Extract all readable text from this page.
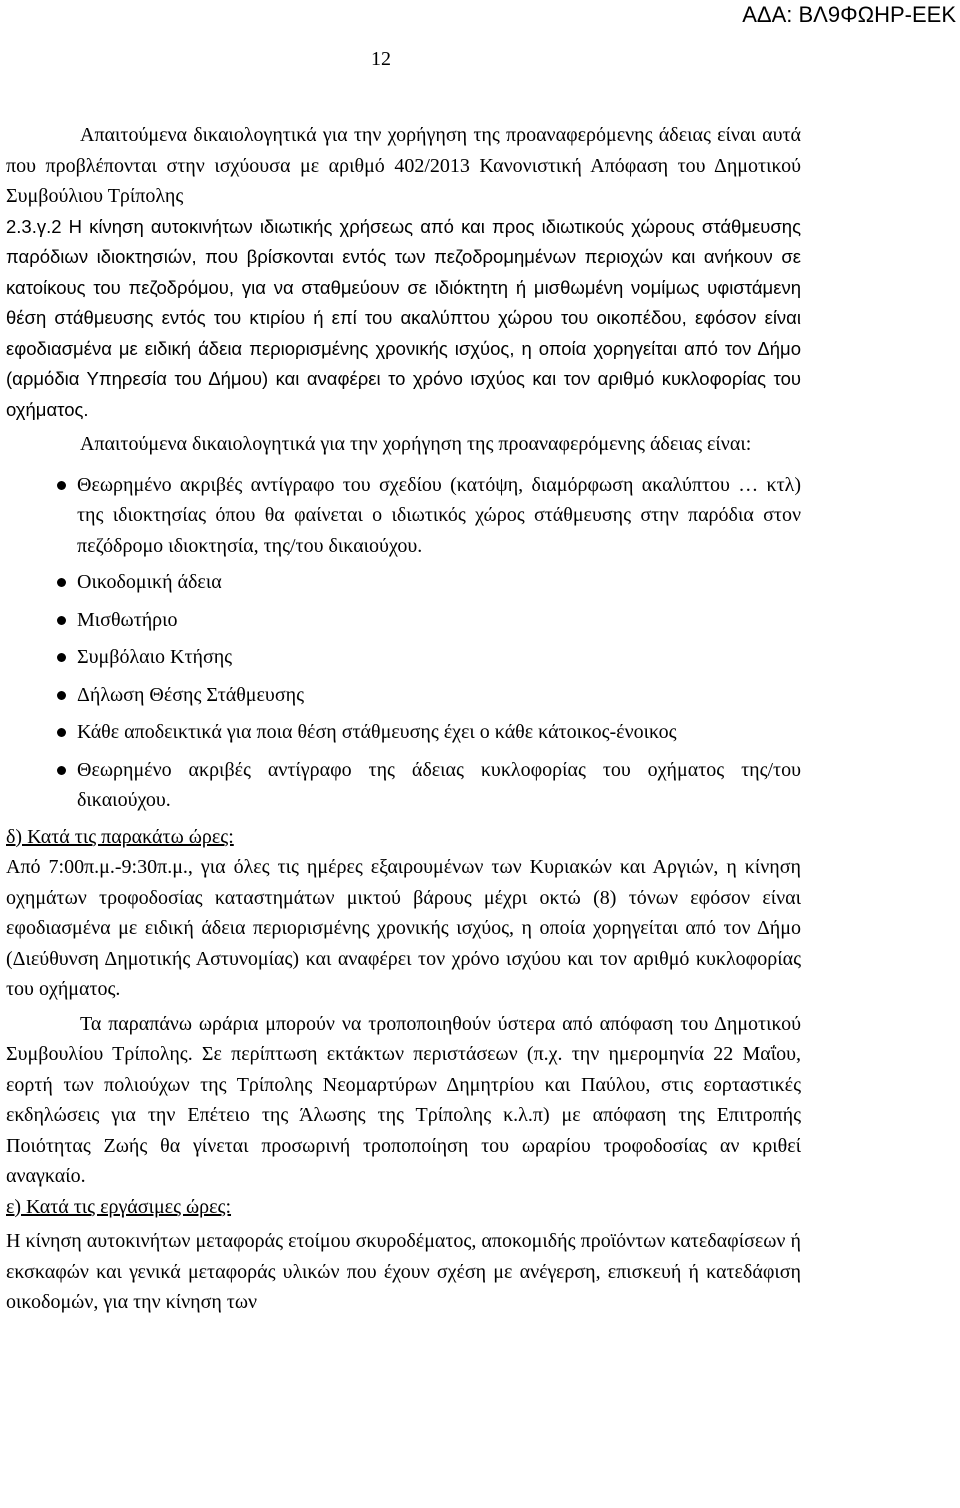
ΑΔΑ: ΒΛ9ΦΩΗΡ-ΕΕΚ
12

Απαιτούμενα δικαιολογητικά για την χορήγηση της προαναφερόμενης άδειας είναι αυτά που προβλέπονται στην ισχύουσα με αριθμό 402/2013 Κανονιστική Απόφαση του Δημοτικού Συμβούλιου Τρίπολης

2.3.γ.2 Η κίνηση αυτοκινήτων ιδιωτικής χρήσεως από και προς ιδιωτικούς χώρους στάθμευσης παρόδιων ιδιοκτησιών, που βρίσκονται εντός των πεζοδρομημένων περιοχών και ανήκουν σε κατοίκους του πεζοδρόμου, για να σταθμεύουν σε ιδιόκτητη ή μισθωμένη νομίμως υφιστάμενη θέση στάθμευσης εντός του κτιρίου ή επί του ακαλύπτου χώρου του οικοπέδου, εφόσον είναι εφοδιασμένα με ειδική άδεια περιορισμένης χρονικής ισχύος, η οποία χορηγείται από τον Δήμο (αρμόδια Υπηρεσία του Δήμου) και αναφέρει το χρόνο ισχύος και τον αριθμό κυκλοφορίας του οχήματος.

Απαιτούμενα δικαιολογητικά για την χορήγηση της προαναφερόμενης άδειας είναι:

Θεωρημένο ακριβές αντίγραφο του σχεδίου (κατόψη, διαμόρφωση ακαλύπτου … κτλ) της ιδιοκτησίας όπου θα φαίνεται ο ιδιωτικός χώρος στάθμευσης στην παρόδια στον πεζόδρομο ιδιοκτησία, της/του δικαιούχου.
Οικοδομική άδεια
Μισθωτήριο
Συμβόλαιο Κτήσης
Δήλωση Θέσης Στάθμευσης
Κάθε αποδεικτικά για ποια θέση στάθμευσης έχει ο κάθε κάτοικος-ένοικος
Θεωρημένο ακριβές αντίγραφο της άδειας κυκλοφορίας του οχήματος της/του δικαιούχου.

δ) Κατά τις παρακάτω ώρες:

Από 7:00π.μ.-9:30π.μ., για όλες τις ημέρες εξαιρουμένων των Κυριακών και Αργιών, η κίνηση οχημάτων τροφοδοσίας καταστημάτων μικτού βάρους μέχρι οκτώ (8) τόνων εφόσον είναι εφοδιασμένα με ειδική άδεια περιορισμένης χρονικής ισχύος, η οποία χορηγείται από τον Δήμο (Διεύθυνση Δημοτικής Αστυνομίας) και αναφέρει τον χρόνο ισχύου και τον αριθμό κυκλοφορίας του οχήματος.

Τα παραπάνω ωράρια μπορούν να τροποποιηθούν ύστερα από απόφαση του Δημοτικού Συμβουλίου Τρίπολης. Σε περίπτωση εκτάκτων περιστάσεων (π.χ. την ημερομηνία 22 Μαΐου, εορτή των πολιούχων της Τρίπολης Νεομαρτύρων Δημητρίου και Παύλου, στις εορταστικές εκδηλώσεις για την Επέτειο της Άλωσης της Τρίπολης κ.λ.π) με απόφαση της Επιτροπής Ποιότητας Ζωής θα γίνεται προσωρινή τροποποίηση του ωραρίου τροφοδοσίας αν κριθεί αναγκαίο.

ε) Κατά τις εργάσιμες ώρες:

Η κίνηση αυτοκινήτων μεταφοράς ετοίμου σκυροδέματος, αποκομιδής προϊόντων κατεδαφίσεων ή εκσκαφών και γενικά μεταφοράς υλικών που έχουν σχέση με ανέγερση, επισκευή ή κατεδάφιση οικοδομών, για την κίνηση των
